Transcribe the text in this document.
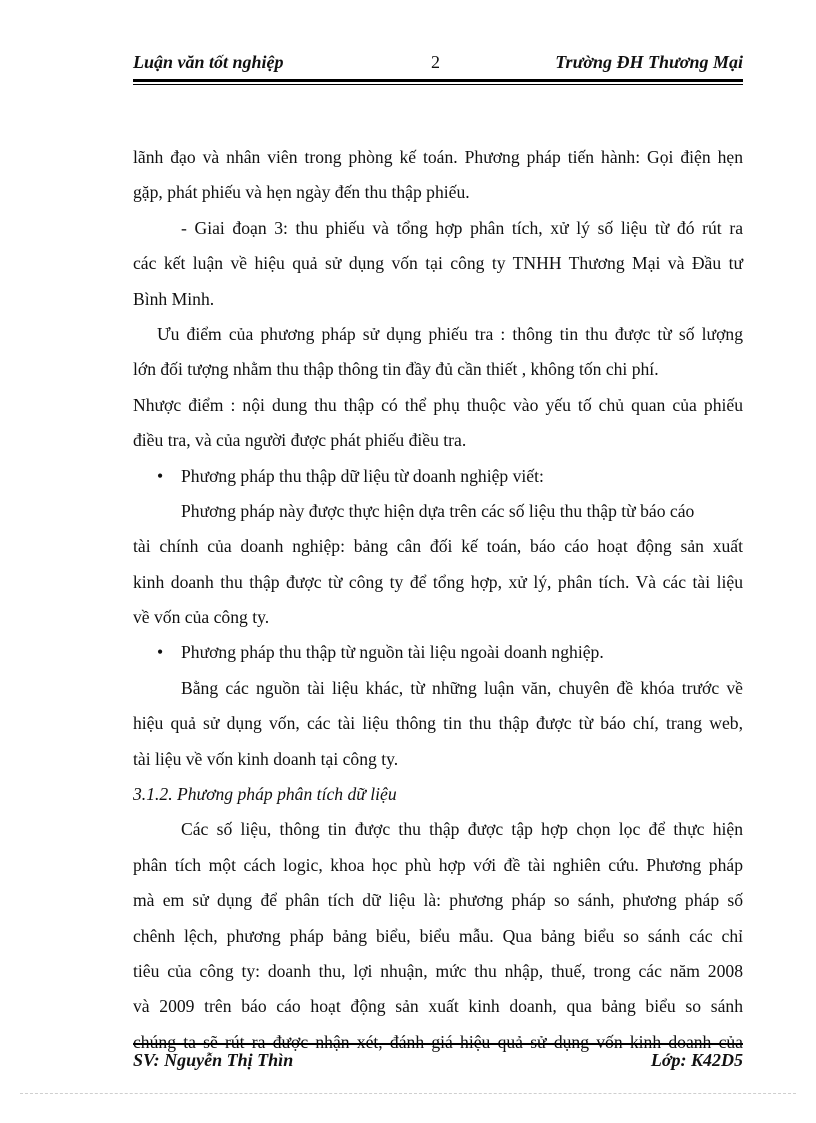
Luận văn tốt nghiệp	2	Trường ĐH Thương Mại
lãnh đạo và nhân viên trong phòng kế toán. Phương pháp tiến hành: Gọi điện hẹn
gặp, phát phiếu và hẹn ngày đến thu thập phiếu.
- Giai đoạn 3: thu phiếu và tổng hợp phân tích, xử lý số liệu từ đó rút ra
các kết luận về hiệu quả sử dụng vốn tại công ty TNHH Thương Mại và Đầu tư
Bình Minh.
Ưu điểm của phương pháp sử dụng phiếu tra : thông tin thu được từ số lượng
lớn đối tượng nhằm thu thập thông tin đầy đủ cần thiết , không tốn chi phí.
Nhược điểm : nội dung thu thập có thể phụ thuộc vào yếu tố chủ quan của phiếu
điều tra, và của người được phát phiếu điều tra.
• Phương pháp thu thập dữ liệu từ doanh nghiệp viết:
Phương pháp này được thực hiện dựa trên các số liệu thu thập từ báo cáo
tài chính của doanh nghiệp: bảng cân đối kế toán, báo cáo hoạt động sản xuất
kinh doanh thu thập được từ công ty để tổng hợp, xử lý, phân tích. Và các tài liệu
về vốn của công ty.
• Phương pháp thu thập từ nguồn tài liệu ngoài doanh nghiệp.
Bằng các nguồn tài liệu khác, từ những luận văn, chuyên đề khóa trước về
hiệu quả sử dụng vốn, các tài liệu thông tin thu thập được từ báo chí, trang web,
tài liệu về vốn kinh doanh tại công ty.
3.1.2. Phương pháp phân tích dữ liệu
Các số liệu, thông tin được thu thập được tập hợp chọn lọc để thực hiện
phân tích một cách logic, khoa học phù hợp với đề tài nghiên cứu. Phương pháp
mà em sử dụng để phân tích dữ liệu là: phương pháp so sánh, phương pháp số
chênh lệch, phương pháp bảng biểu, biểu mẫu. Qua bảng biểu so sánh các chỉ
tiêu của công ty: doanh thu, lợi nhuận, mức thu nhập, thuế, trong các năm 2008
và 2009 trên báo cáo hoạt động sản xuất kinh doanh, qua bảng biểu so sánh
chúng ta sẽ rút ra được nhận xét, đánh giá hiệu quả sử dụng vốn kinh doanh của
SV: Nguyễn Thị Thìn	Lớp: K42D5
